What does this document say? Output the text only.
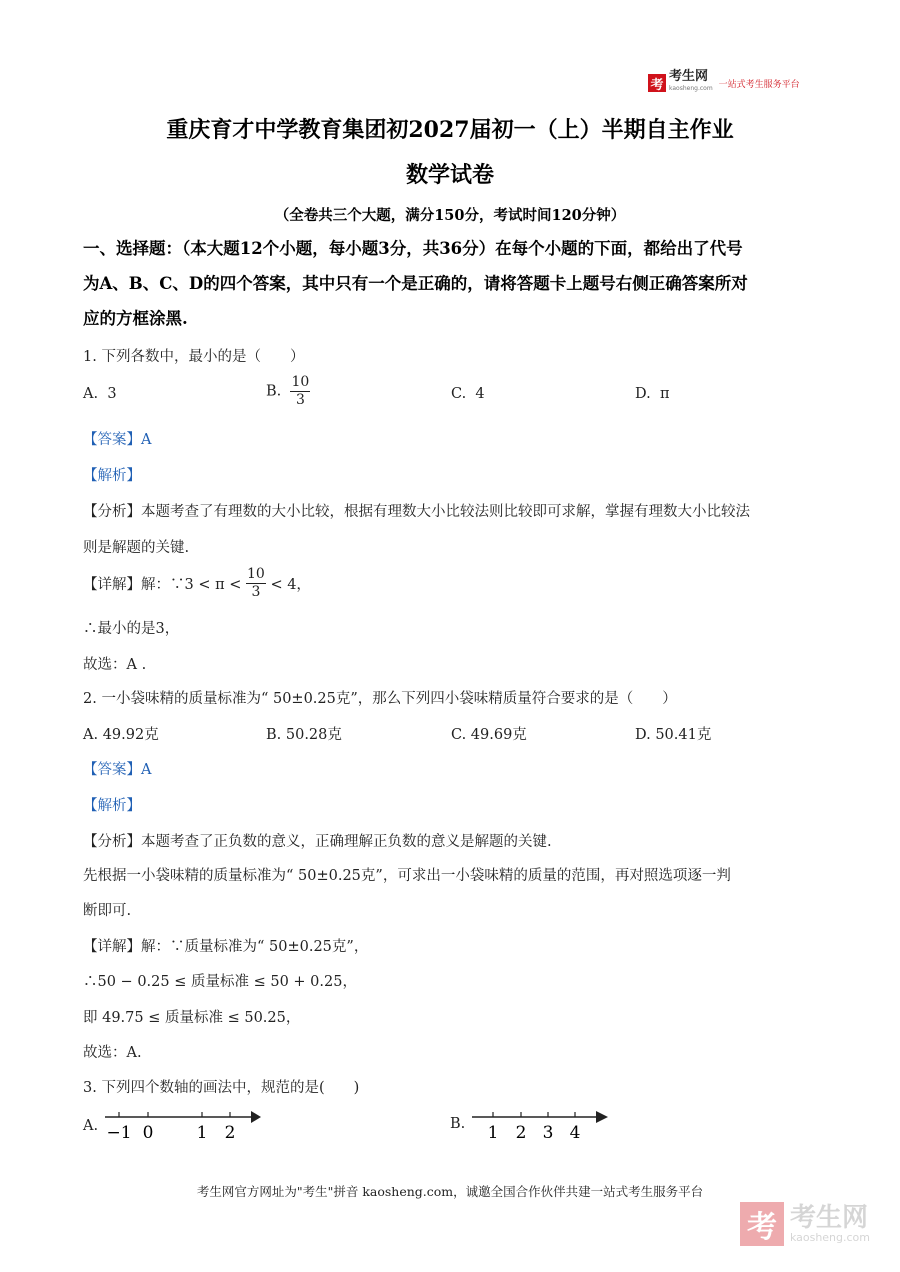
考
考生网
kaosheng.com 一站式考生服务平台
重庆育才中学教育集团初2027届初一（上）半期自主作业
数学试卷
（全卷共三个大题，满分150分，考试时间120分钟）
一、选择题：（本大题12个小题，每小题3分，共36分）在每个小题的下面，都给出了代号
为A、B、C、D的四个答案，其中只有一个是正确的，请将答题卡上题号右侧正确答案所对
应的方框涂黑.
1. 下列各数中，最小的是（　　）
A. 3	B. $\frac{10}{3}$	C. 4	D. π
【答案】A
【解析】
【分析】本题考查了有理数的大小比较，根据有理数大小比较法则比较即可求解，掌握有理数大小比较法
则是解题的关键.
【详解】解：∵3 < π <
$\frac{10}{3}$
< 4，
∴最小的是3，
故选：A .
2. 一小袋味精的质量标准为“ 50±0.25克”，那么下列四小袋味精质量符合要求的是（　　）
A. 49.92克	B. 50.28克	C. 49.69克	D. 50.41克
【答案】A
【解析】
【分析】本题考查了正负数的意义，正确理解正负数的意义是解题的关键.
先根据一小袋味精的质量标准为“ 50±0.25克”，可求出一小袋味精的质量的范围，再对照选项逐一判
断即可.
【详解】解：∵质量标准为“ 50±0.25克”，
∴50 − 0.25 ≤ 质量标准 ≤ 50 + 0.25，
即 49.75 ≤ 质量标准 ≤ 50.25，
故选：A.
3. 下列四个数轴的画法中，规范的是(　　)
A. −1 0	1 2	B. 1 2 3 4
考生网官方网址为"考生"拼音 kaosheng.com，诚邀全国合作伙伴共建一站式考生服务平台
考 考生网
kaosheng.com
